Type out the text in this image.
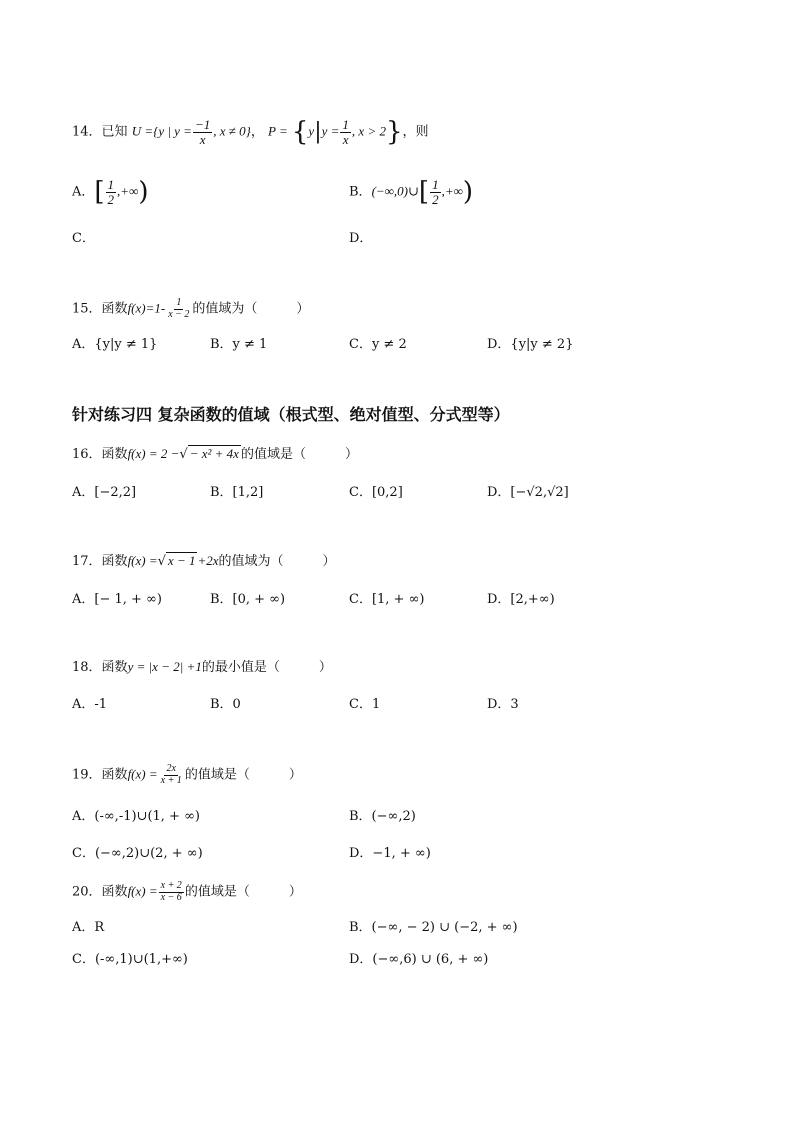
14．已知 U ={y | $y = \frac{-1}{x}$ , x ≠ 0}， $P = \{y|y = \frac{1}{x}$ , x > 2}，则
A．[ $\frac{1}{2}$ ,+∞)	B．(−∞,0)∪[ $\frac{1}{2}$ ,+∞)
C．	D．
15．函数$f(x)=1- \frac{1}{x - 2}$ 的值域为（　　　）
A．{y|y ≠ 1}	B．y ≠ 1	C．y ≠ 2	D．{y|y ≠ 2}
针对练习四 复杂函数的值域（根式型、绝对值型、分式型等）
16．函数f(x) = 2 −√ − x² + 4x 的值域是（　　　）
A．[−2,2]	B．[1,2]	C．[0,2]	D．[−√2,√2]
17．函数f(x) =√ x − 1 +2x的值域为（　　　）
A．[− 1, + ∞)	B．[0, + ∞)	C．[1, + ∞)	D．[2,+∞)
18．函数y = |x − 2| +1的最小值是（　　　）
A．-1	B．0	C．1	D．3
19．函数$f(x) = \frac{2x}{x + 1}$ 的值域是（　　　）
A．(-∞,-1)∪(1, + ∞)	B．(−∞,2)
C．(−∞,2)∪(2, + ∞)	D．−1, + ∞)
20．函数$f(x) = \frac{x + 2}{x - 6}$ 的值域是（　　　）
A．R	B．(−∞, − 2) ∪ (−2, + ∞)
C．(-∞,1)∪(1,+∞)	D．(−∞,6) ∪ (6, + ∞)
